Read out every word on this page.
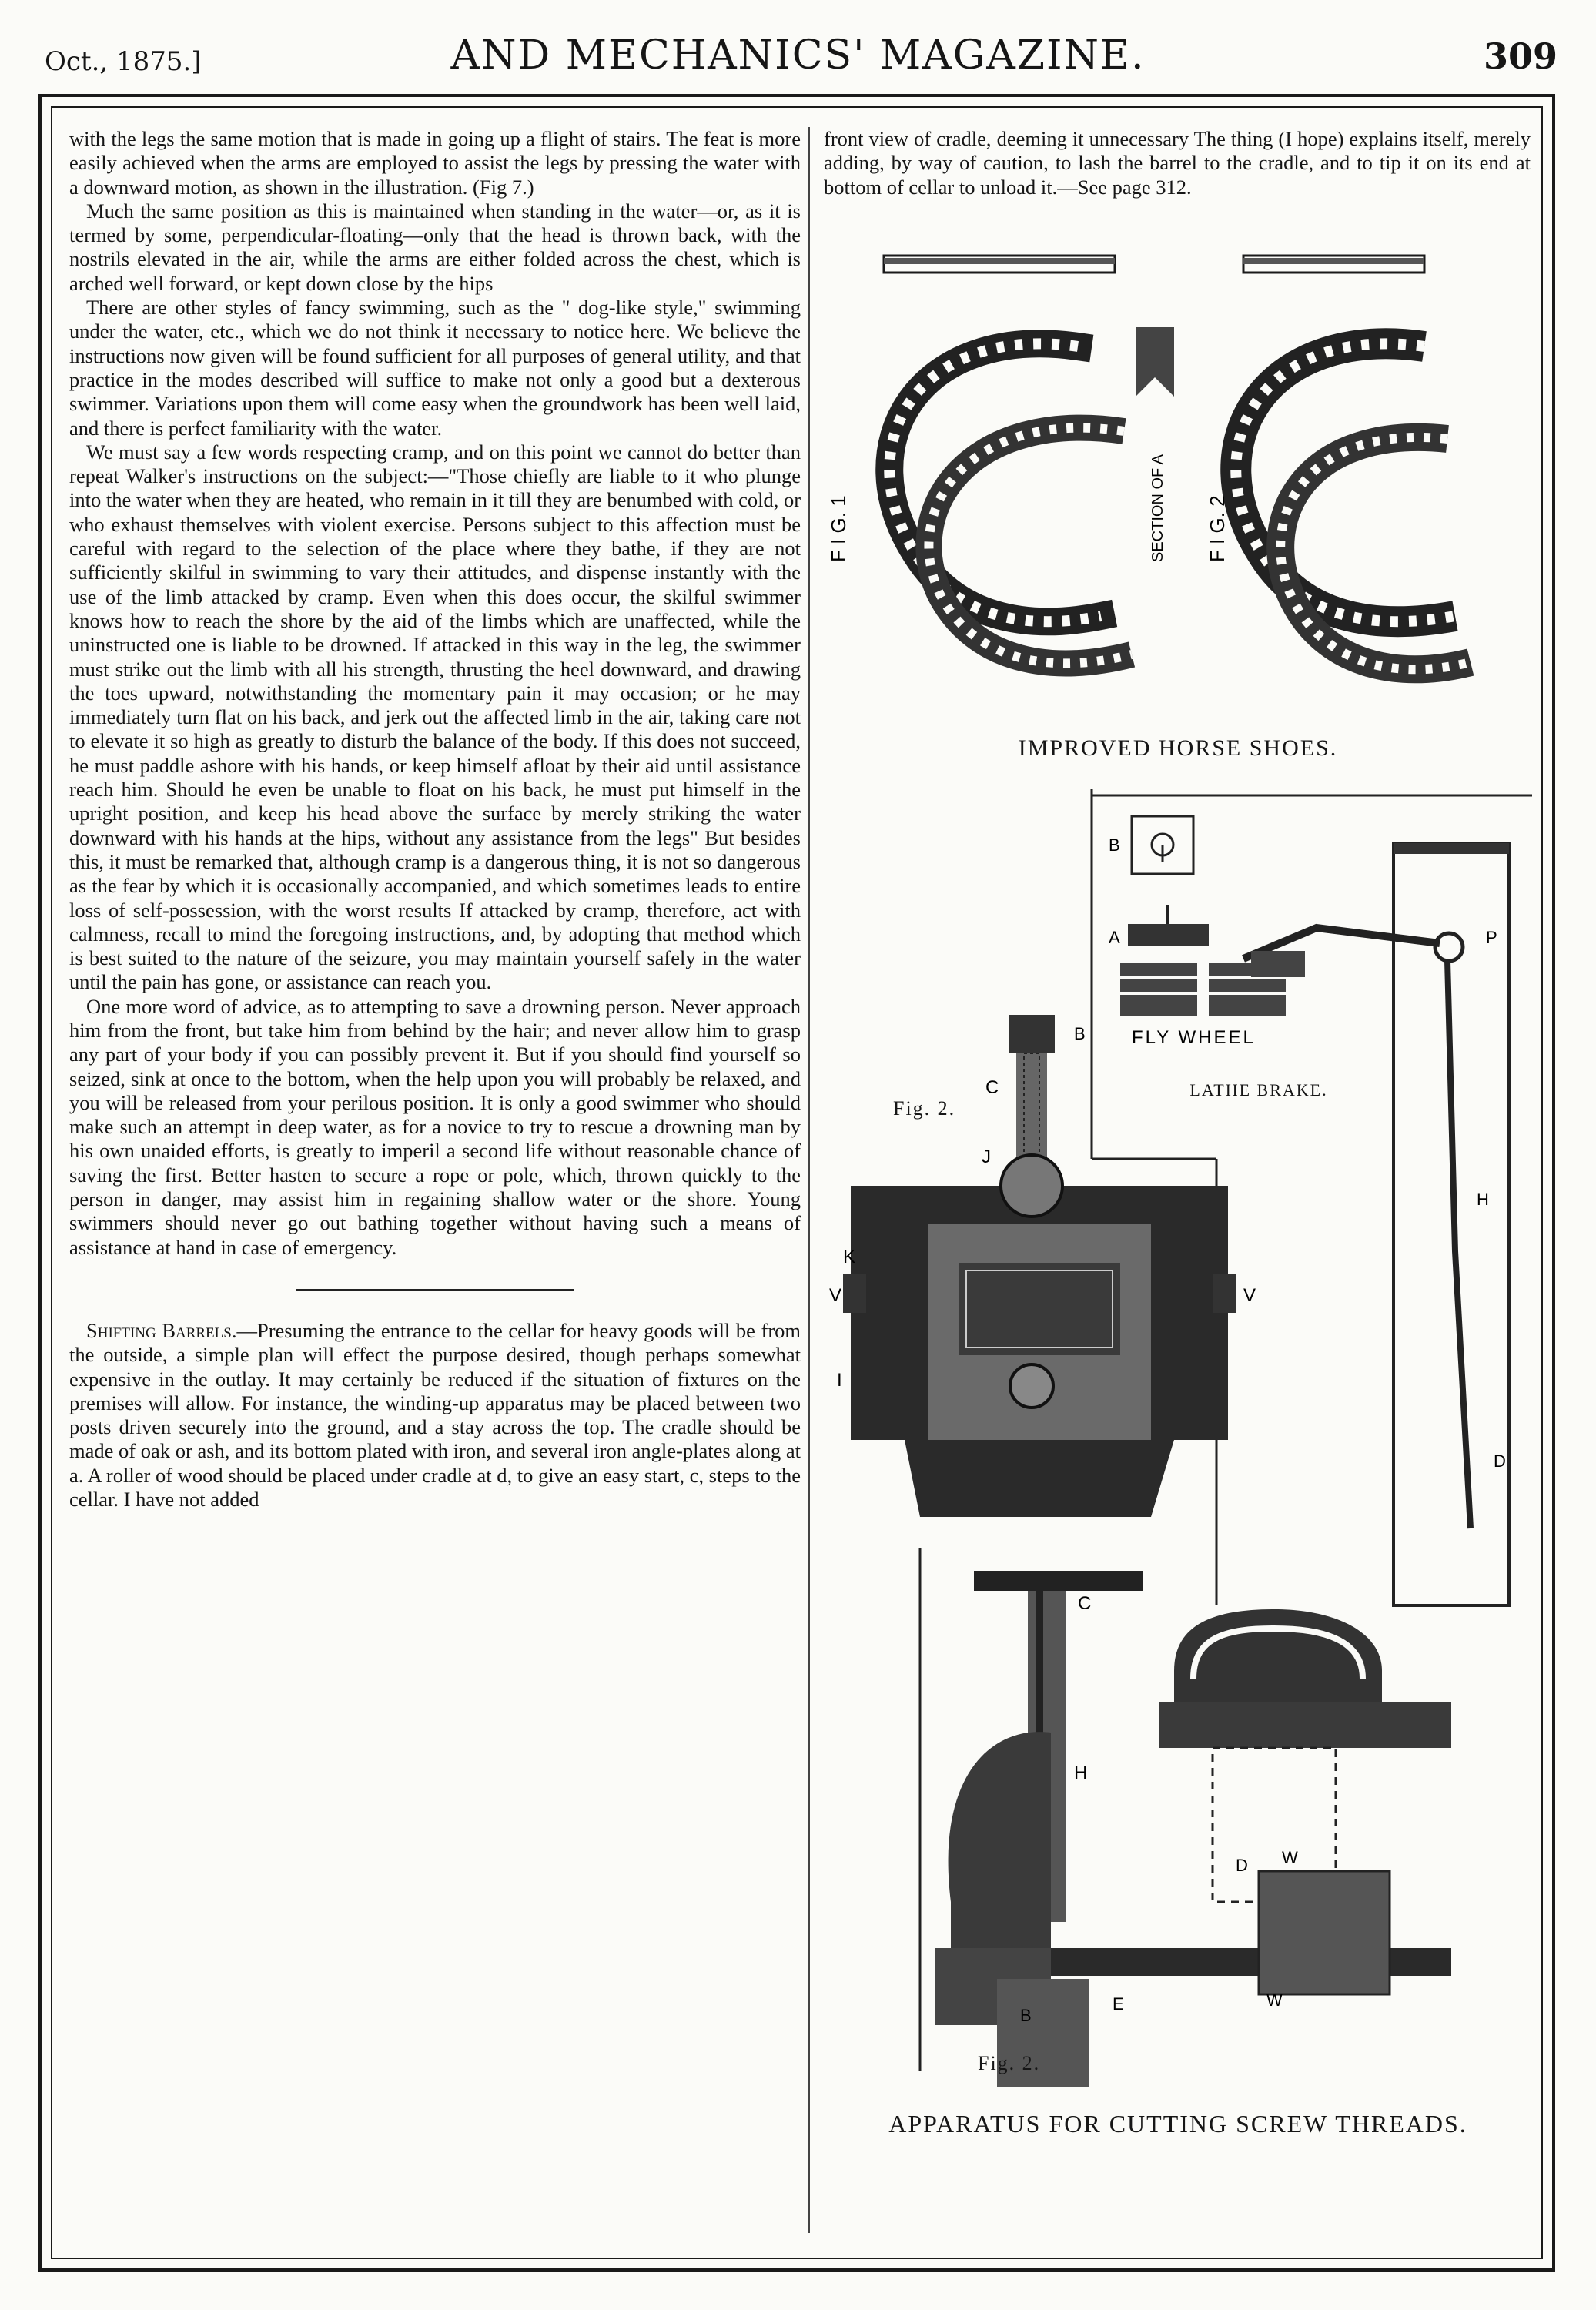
Oct., 1875.]	AND MECHANICS' MAGAZINE.	309

with the legs the same motion that is made in going up a flight of stairs. The feat is more easily achieved when the arms are employed to assist the legs by pressing the water with a downward motion, as shown in the illustration. (Fig 7.)

Much the same position as this is maintained when standing in the water—or, as it is termed by some, perpendicular-floating—only that the head is thrown back, with the nostrils elevated in the air, while the arms are either folded across the chest, which is arched well forward, or kept down close by the hips

There are other styles of fancy swimming, such as the " dog-like style," swimming under the water, etc., which we do not think it necessary to notice here. We believe the instructions now given will be found sufficient for all purposes of general utility, and that practice in the modes described will suffice to make not only a good but a dexterous swimmer. Variations upon them will come easy when the groundwork has been well laid, and there is perfect familiarity with the water.

We must say a few words respecting cramp, and on this point we cannot do better than repeat Walker's instructions on the subject:—"Those chiefly are liable to it who plunge into the water when they are heated, who remain in it till they are benumbed with cold, or who exhaust themselves with violent exercise. Persons subject to this affection must be careful with regard to the selection of the place where they bathe, if they are not sufficiently skilful in swimming to vary their attitudes, and dispense instantly with the use of the limb attacked by cramp. Even when this does occur, the skilful swimmer knows how to reach the shore by the aid of the limbs which are unaffected, while the uninstructed one is liable to be drowned. If attacked in this way in the leg, the swimmer must strike out the limb with all his strength, thrusting the heel downward, and drawing the toes upward, notwithstanding the momentary pain it may occasion; or he may immediately turn flat on his back, and jerk out the affected limb in the air, taking care not to elevate it so high as greatly to disturb the balance of the body. If this does not succeed, he must paddle ashore with his hands, or keep himself afloat by their aid until assistance reach him. Should he even be unable to float on his back, he must put himself in the upright position, and keep his head above the surface by merely striking the water downward with his hands at the hips, without any assistance from the legs" But besides this, it must be remarked that, although cramp is a dangerous thing, it is not so dangerous as the fear by which it is occasionally accompanied, and which sometimes leads to entire loss of self-possession, with the worst results If attacked by cramp, therefore, act with calmness, recall to mind the foregoing instructions, and, by adopting that method which is best suited to the nature of the seizure, you may maintain yourself safely in the water until the pain has gone, or assistance can reach you.

One more word of advice, as to attempting to save a drowning person. Never approach him from the front, but take him from behind by the hair; and never allow him to grasp any part of your body if you can possibly prevent it. But if you should find yourself so seized, sink at once to the bottom, when the help upon you will probably be relaxed, and you will be released from your perilous position. It is only a good swimmer who should make such an attempt in deep water, as for a novice to try to rescue a drowning man by his own unaided efforts, is greatly to imperil a second life without reasonable chance of saving the first. Better hasten to secure a rope or pole, which, thrown quickly to the person in danger, may assist him in regaining shallow water or the shore. Young swimmers should never go out bathing together without having such a means of assistance at hand in case of emergency.

Shifting Barrels.—Presuming the entrance to the cellar for heavy goods will be from the outside, a simple plan will effect the purpose desired, though perhaps somewhat expensive in the outlay. It may certainly be reduced if the situation of fixtures on the premises will allow. For instance, the winding-up apparatus may be placed between two posts driven securely into the ground, and a stay across the top. The cradle should be made of oak or ash, and its bottom plated with iron, and several iron angle-plates along at a. A roller of wood should be placed under cradle at d, to give an easy start, c, steps to the cellar. I have not added

front view of cradle, deeming it unnecessary The thing (I hope) explains itself, merely adding, by way of caution, to lash the barrel to the cradle, and to tip it on its end at bottom of cellar to unload it.—See page 312.
F I G. 1	SECTION OF A F I G. 2
IMPROVED HORSE SHOES.
B
A
FLY WHEEL
P
H
D
LATHE BRAKE.
C
J
K
V	V
I
B
Fig. 2.
C
H
D W
B
E	W
Fig. 2.
APPARATUS FOR CUTTING SCREW THREADS.
